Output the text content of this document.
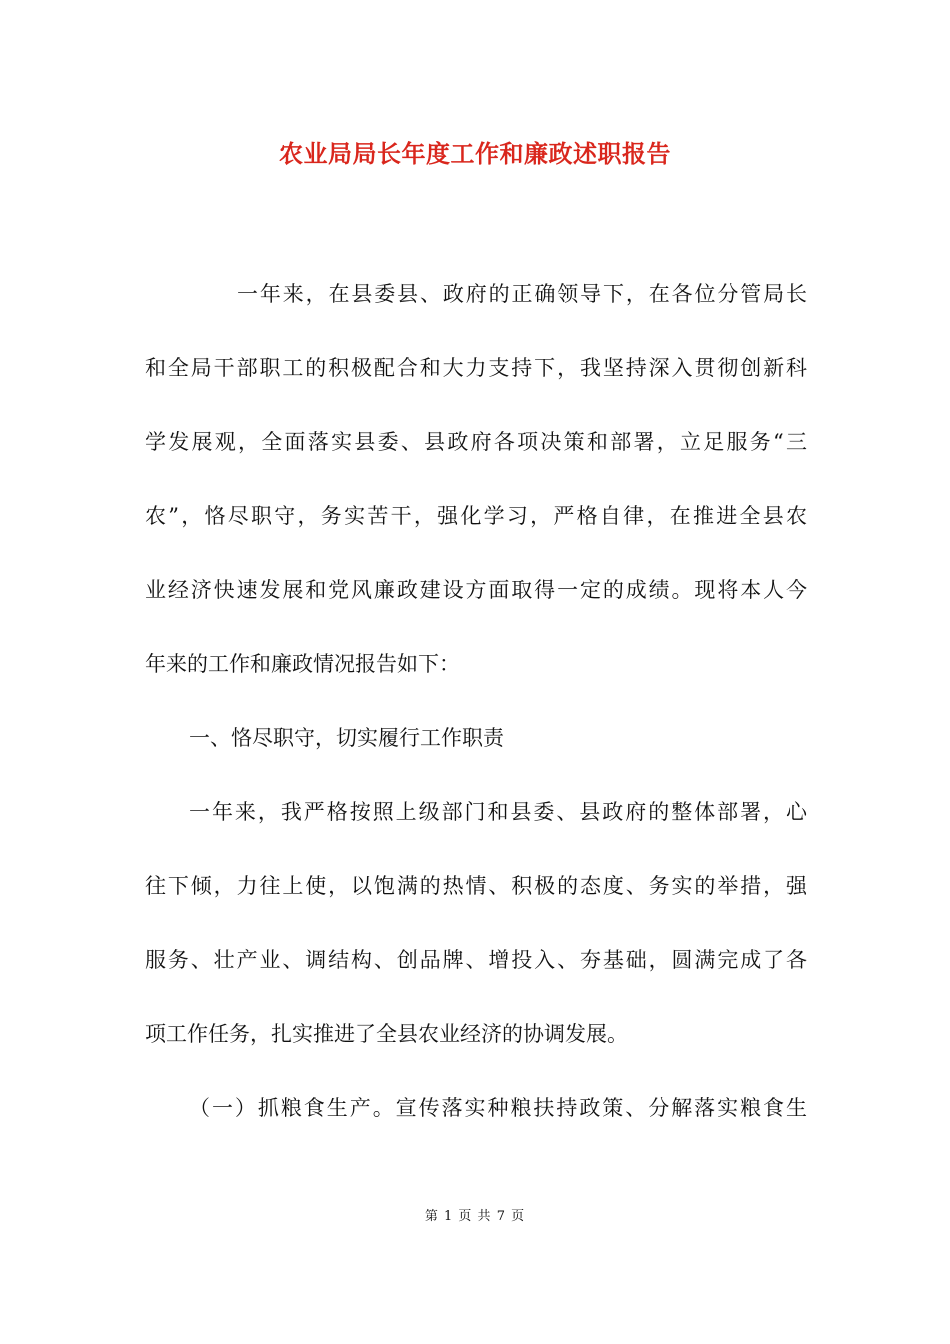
农业局局长年度工作和廉政述职报告
一年来，在县委县、政府的正确领导下，在各位分管局长
和全局干部职工的积极配合和大力支持下，我坚持深入贯彻创新科
学发展观，全面落实县委、县政府各项决策和部署，立足服务“三
农”，恪尽职守，务实苦干，强化学习，严格自律，在推进全县农
业经济快速发展和党风廉政建设方面取得一定的成绩。现将本人今
年来的工作和廉政情况报告如下：
一、恪尽职守，切实履行工作职责
一年来，我严格按照上级部门和县委、县政府的整体部署，心
往下倾，力往上使，以饱满的热情、积极的态度、务实的举措，强
服务、壮产业、调结构、创品牌、增投入、夯基础，圆满完成了各
项工作任务，扎实推进了全县农业经济的协调发展。
（一）抓粮食生产。宣传落实种粮扶持政策、分解落实粮食生
第 1 页 共 7 页
